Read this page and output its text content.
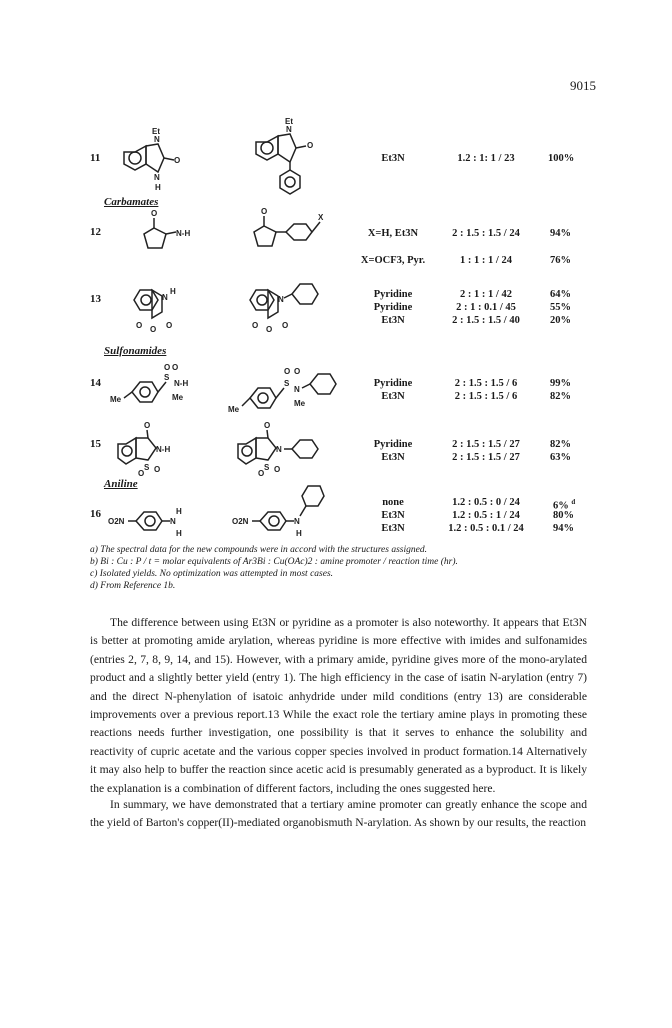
9015
11
N
Et
O
N
H
N
Et
O
Et3N	1.2 : 1: 1 / 23	100%
Carbamates
12
O
N-H
O
X
X=H, Et3N	2 : 1.5 : 1.5 / 24	94%
X=OCF3, Pyr.	1 : 1 : 1 / 24	76%
13	N
H
O O O
N
O O O
Pyridine	2 : 1 : 1 / 42	64%
Pyridine	2 : 1 : 0.1 / 45	55%
Et3N	2 : 1.5 : 1.5 / 40	20%
Sulfonamides
14
Me
S
O O
N-H
Me
Me
S
O O
N
Me
Pyridine	2 : 1.5 : 1.5 / 6	99%
Et3N	2 : 1.5 : 1.5 / 6	82%
15
O
N-H
S
O O
O
N
S
O O
Pyridine	2 : 1.5 : 1.5 / 27	82%
Et3N	2 : 1.5 : 1.5 / 27	63%
Aniline
16
O2N	N
H
H
O2N	N
H
none	1.2 : 0.5 : 0 / 24	6% $^d$
Et3N	1.2 : 0.5 : 1 / 24	80%
Et3N	1.2 : 0.5 : 0.1 / 24	94%
a) The spectral data for the new compounds were in accord with the structures assigned.
b) Bi : Cu : P / t = molar equivalents of Ar3Bi : Cu(OAc)2 : amine promoter / reaction time (hr).
c) Isolated yields. No optimization was attempted in most cases.
d) From Reference 1b.

The difference between using Et3N or pyridine as a promoter is also noteworthy. It appears that Et3N is better at promoting amide arylation, whereas pyridine is more effective with imides and sulfonamides (entries 2, 7, 8, 9, 14, and 15). However, with a primary amide, pyridine gives more of the mono-arylated product and a slightly better yield (entry 1). The high efficiency in the case of isatin N-arylation (entry 7) and the direct N-phenylation of isatoic anhydride under mild conditions (entry 13) are considerable improvements over a previous report.13 While the exact role the tertiary amine plays in promoting these reactions needs further investigation, one possibility is that it serves to enhance the solubility and reactivity of cupric acetate and the various copper species involved in product formation.14 Alternatively it may also help to buffer the reaction since acetic acid is presumably generated as a byproduct. It is likely the explanation is a combination of different factors, including the ones suggested here.

In summary, we have demonstrated that a tertiary amine promoter can greatly enhance the scope and the yield of Barton's copper(II)-mediated organobismuth N-arylation. As shown by our results, the reaction
